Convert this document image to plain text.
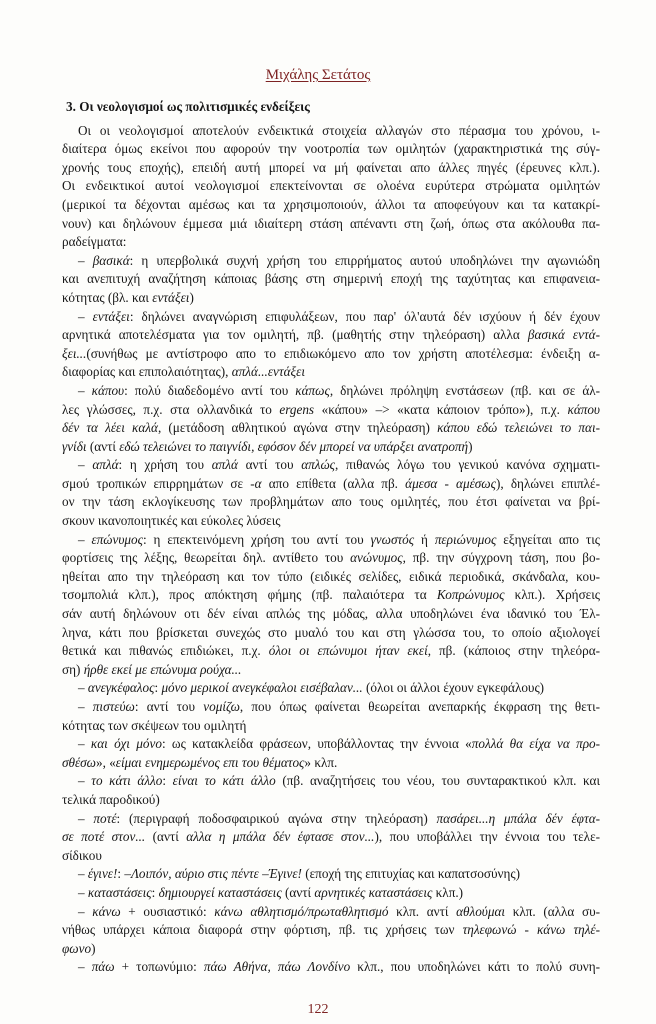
Μιχάλης Σετάτος
3. Οι νεολογισμοί ως πολιτισμικές ενδείξεις
Οι οι νεολογισμοί αποτελούν ενδεικτικά στοιχεία αλλαγών στο πέρασμα του χρόνου, ι-
διαίτερα όμως εκείνοι που αφορούν την νοοτροπία των ομιλητών (χαρακτηριστικά της σύγ-
χρονής τους εποχής), επειδή αυτή μπορεί να μή φαίνεται απο άλλες πηγές (έρευνες κλπ.).
Οι ενδεικτικοί αυτοί νεολογισμοί επεκτείνονται σε ολοένα ευρύτερα στρώματα ομιλητών
(μερικοί τα δέχονται αμέσως και τα χρησιμοποιούν, άλλοι τα αποφεύγουν και τα κατακρί-
νουν) και δηλώνουν έμμεσα μιά ιδιαίτερη στάση απέναντι στη ζωή, όπως στα ακόλουθα πα-
ραδείγματα:
– βασικά: η υπερβολικά συχνή χρήση του επιρρήματος αυτού υποδηλώνει την αγωνιώδη
και ανεπιτυχή αναζήτηση κάποιας βάσης στη σημερινή εποχή της ταχύτητας και επιφανεια-
κότητας (βλ. και εντάξει)
– εντάξει: δηλώνει αναγνώριση επιφυλάξεων, που παρ' όλ'αυτά δέν ισχύουν ή δέν έχουν
αρνητικά αποτελέσματα για τον ομιλητή, πβ. (μαθητής στην τηλεόραση) αλλα βασικά εντά-
ξει...(συνήθως με αντίστροφο απο το επιδιωκόμενο απο τον χρήστη αποτέλεσμα: ένδειξη α-
διαφορίας και επιπολαιότητας), απλά...εντάξει
– κάπου: πολύ διαδεδομένο αντί του κάπως, δηλώνει πρόληψη ενστάσεων (πβ. και σε άλ-
λες γλώσσες, π.χ. στα ολλανδικά το ergens «κάπου» –> «κατα κάποιον τρόπο»), π.χ. κάπου
δέν τα λέει καλά, (μετάδοση αθλητικού αγώνα στην τηλεόραση) κάπου εδώ τελειώνει το παι-
γνίδι (αντί εδώ τελειώνει το παιγνίδι, εφόσον δέν μπορεί να υπάρξει ανατροπή)
– απλά: η χρήση του απλά αντί του απλώς, πιθανώς λόγω του γενικού κανόνα σχηματι-
σμού τροπικών επιρρημάτων σε -α απο επίθετα (αλλα πβ. άμεσα - αμέσως), δηλώνει επιπλέ-
ον την τάση εκλογίκευσης των προβλημάτων απο τους ομιλητές, που έτσι φαίνεται να βρί-
σκουν ικανοποιητικές και εύκολες λύσεις
– επώνυμος: η επεκτεινόμενη χρήση του αντί του γνωστός ή περιώνυμος εξηγείται απο τις
φορτίσεις της λέξης, θεωρείται δηλ. αντίθετο του ανώνυμος, πβ. την σύγχρονη τάση, που βο-
ηθείται απο την τηλεόραση και τον τύπο (ειδικές σελίδες, ειδικά περιοδικά, σκάνδαλα, κου-
τσομπολιά κλπ.), προς απόκτηση φήμης (πβ. παλαιότερα τα Κοπρώνυμος κλπ.). Χρήσεις
σάν αυτή δηλώνουν οτι δέν είναι απλώς της μόδας, αλλα υποδηλώνει ένα ιδανικό του Έλ-
ληνα, κάτι που βρίσκεται συνεχώς στο μυαλό του και στη γλώσσα του, το οποίο αξιολογεί
θετικά και πιθανώς επιδιώκει, π.χ. όλοι οι επώνυμοι ήταν εκεί, πβ. (κάποιος στην τηλεόρα-
ση) ήρθε εκεί με επώνυμα ρούχα...
– ανεγκέφαλος: μόνο μερικοί ανεγκέφαλοι εισέβαλαν... (όλοι οι άλλοι έχουν εγκεφάλους)
– πιστεύω: αντί του νομίζω, που όπως φαίνεται θεωρείται ανεπαρκής έκφραση της θετι-
κότητας των σκέψεων του ομιλητή
– και όχι μόνο: ως κατακλείδα φράσεων, υποβάλλοντας την έννοια «πολλά θα είχα να προ-
σθέσω», «είμαι ενημερωμένος επι του θέματος» κλπ.
– το κάτι άλλο: είναι το κάτι άλλο (πβ. αναζητήσεις του νέου, του συνταρακτικού κλπ. και
τελικά παροδικού)
– ποτέ: (περιγραφή ποδοσφαιρικού αγώνα στην τηλεόραση) πασάρει...η μπάλα δέν έφτα-
σε ποτέ στον... (αντί αλλα η μπάλα δέν έφτασε στον...), που υποβάλλει την έννοια του τελε-
σίδικου
– έγινε!: –Λοιπόν, αύριο στις πέντε –Έγινε! (εποχή της επιτυχίας και καπατσοσύνης)
– καταστάσεις: δημιουργεί καταστάσεις (αντί αρνητικές καταστάσεις κλπ.)
– κάνω + ουσιαστικό: κάνω αθλητισμό/πρωταθλητισμό κλπ. αντί αθλούμαι κλπ. (αλλα συ-
νήθως υπάρχει κάποια διαφορά στην φόρτιση, πβ. τις χρήσεις των τηλεφωνώ - κάνω τηλέ-
φωνο)
– πάω + τοπωνύμιο: πάω Αθήνα, πάω Λονδίνο κλπ., που υποδηλώνει κάτι το πολύ συνη-
122
